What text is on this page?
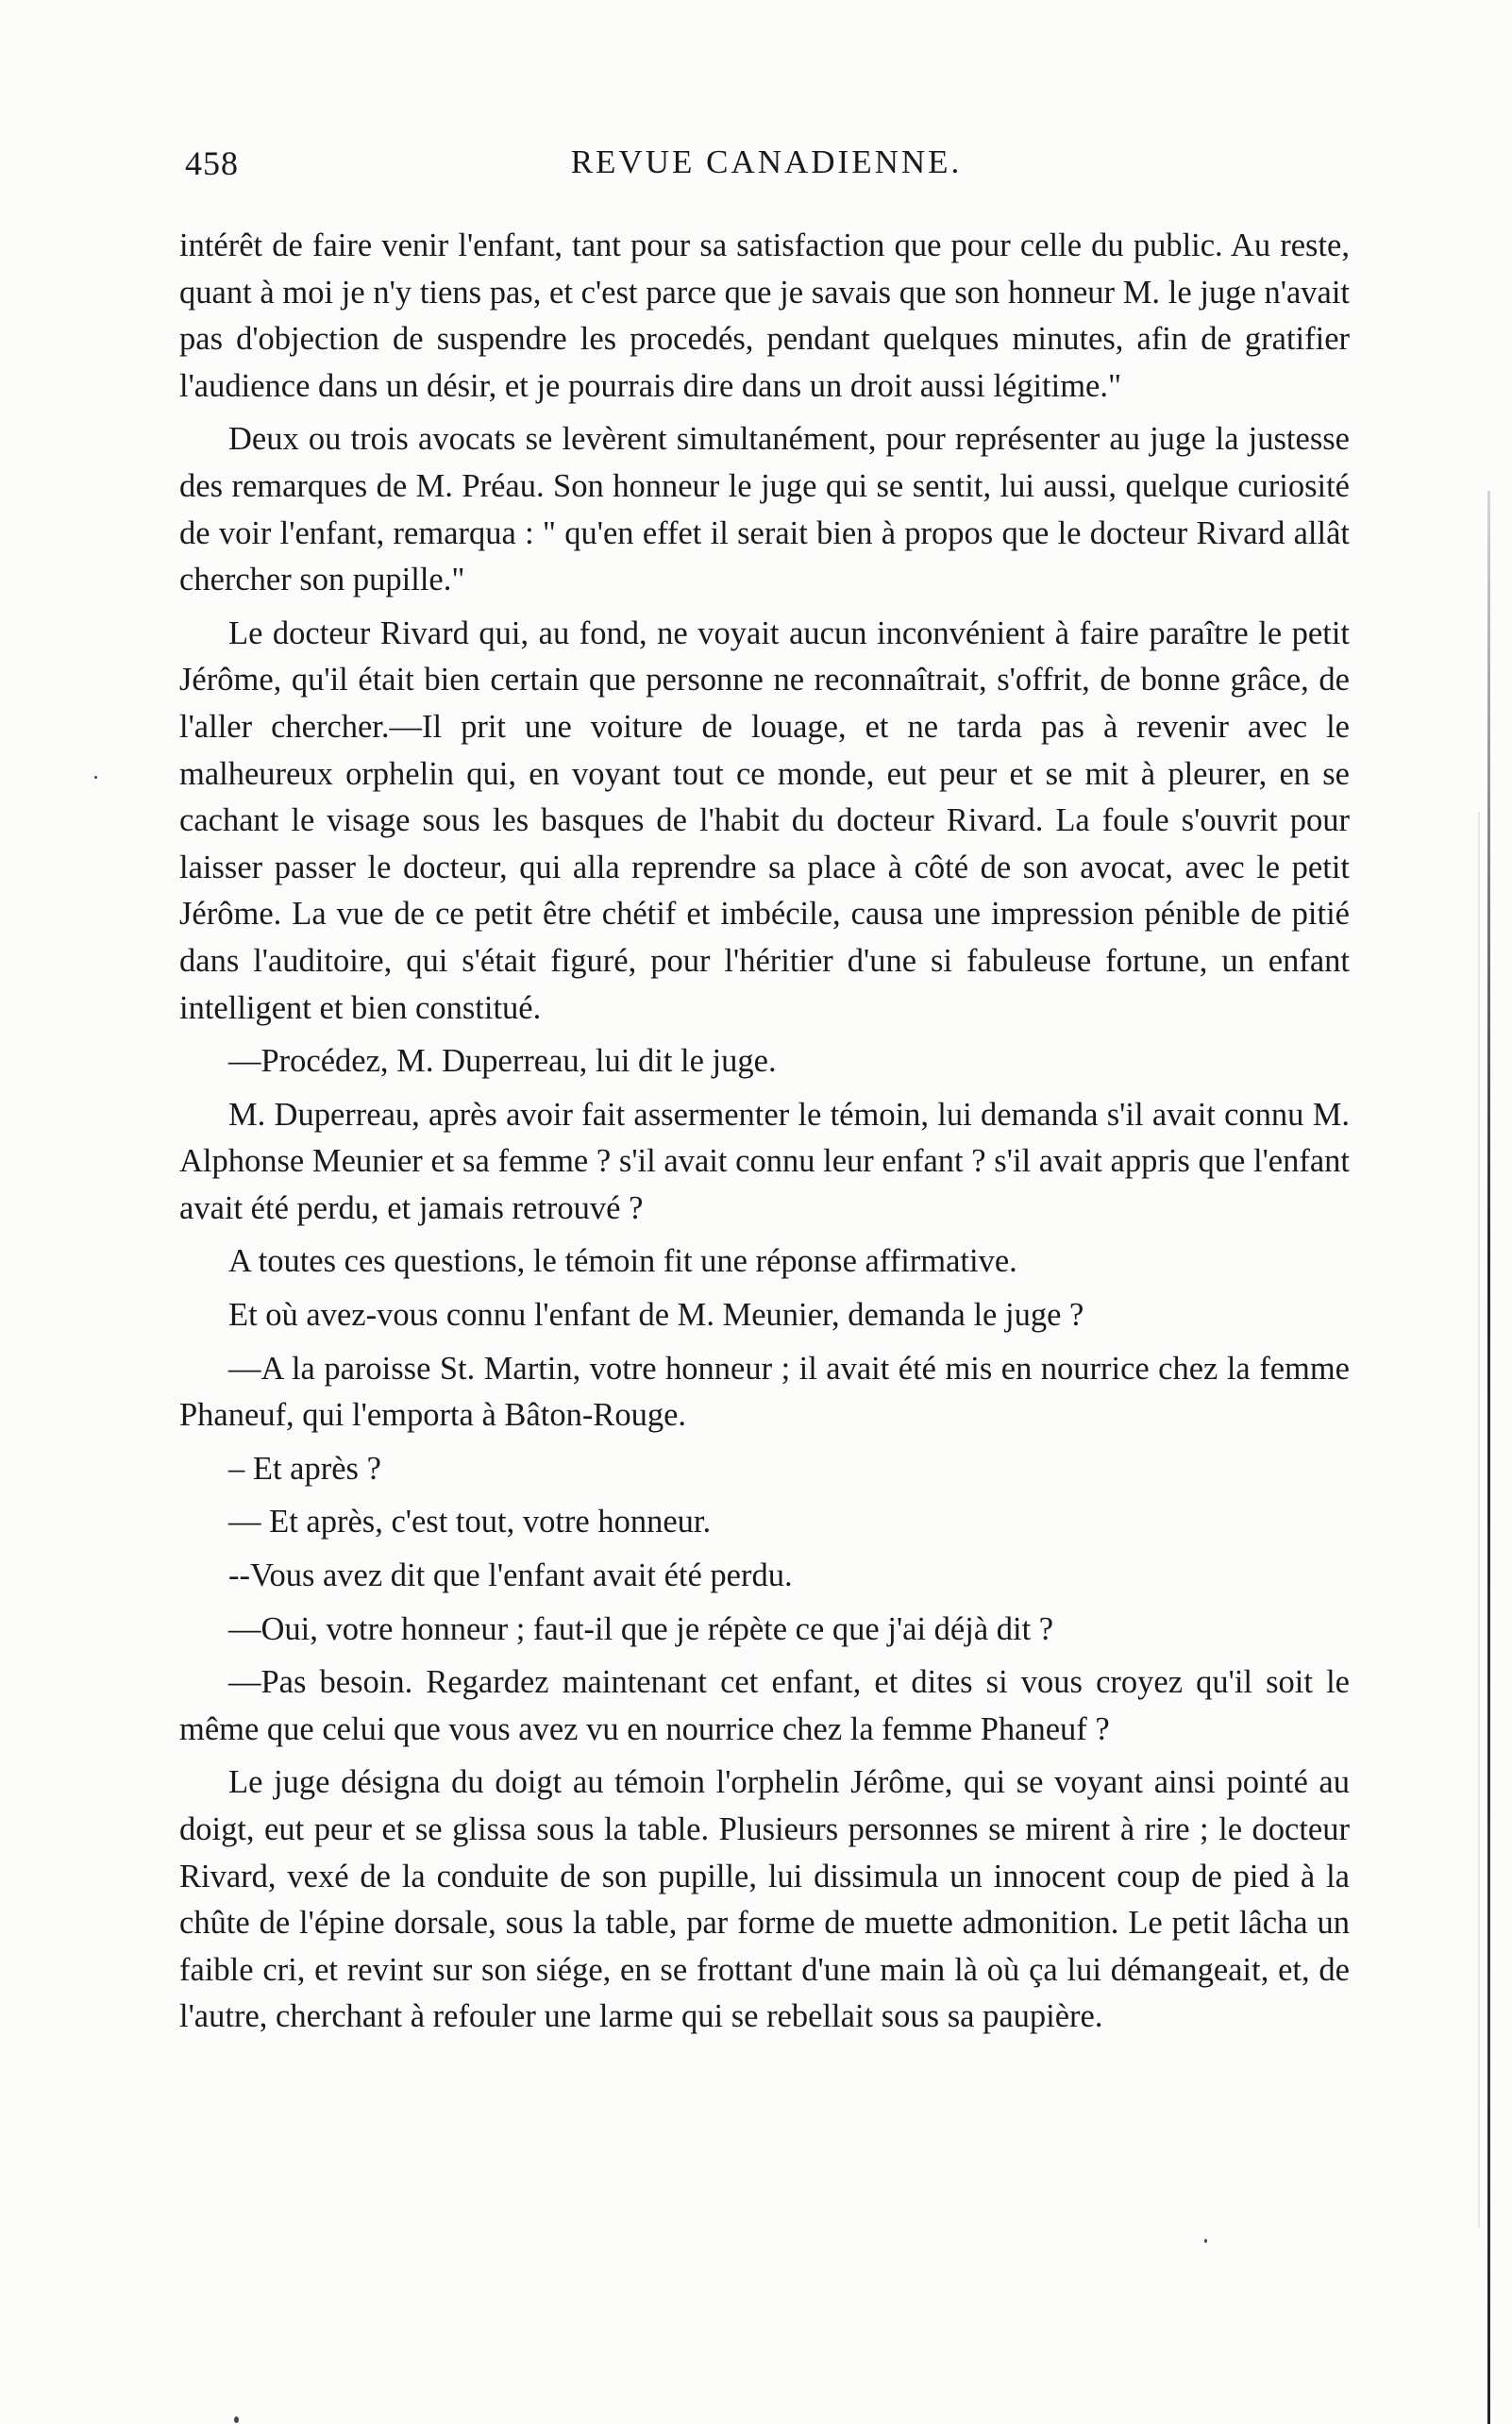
458	REVUE CANADIENNE.

intérêt de faire venir l'enfant, tant pour sa satisfaction que pour celle du public. Au reste, quant à moi je n'y tiens pas, et c'est parce que je savais que son honneur M. le juge n'avait pas d'objection de suspendre les procedés, pendant quelques minutes, afin de gratifier l'audience dans un désir, et je pourrais dire dans un droit aussi légitime."

Deux ou trois avocats se levèrent simultanément, pour représenter au juge la justesse des remarques de M. Préau. Son honneur le juge qui se sentit, lui aussi, quelque curiosité de voir l'enfant, remarqua : " qu'en effet il serait bien à propos que le docteur Rivard allât chercher son pupille."

Le docteur Rivard qui, au fond, ne voyait aucun inconvénient à faire paraître le petit Jérôme, qu'il était bien certain que personne ne reconnaîtrait, s'offrit, de bonne grâce, de l'aller chercher.—Il prit une voiture de louage, et ne tarda pas à revenir avec le malheureux orphelin qui, en voyant tout ce monde, eut peur et se mit à pleurer, en se cachant le visage sous les basques de l'habit du docteur Rivard. La foule s'ouvrit pour laisser passer le docteur, qui alla reprendre sa place à côté de son avocat, avec le petit Jérôme. La vue de ce petit être chétif et imbécile, causa une impression pénible de pitié dans l'auditoire, qui s'était figuré, pour l'héritier d'une si fabuleuse fortune, un enfant intelligent et bien constitué.

—Procédez, M. Duperreau, lui dit le juge.

M. Duperreau, après avoir fait assermenter le témoin, lui demanda s'il avait connu M. Alphonse Meunier et sa femme ? s'il avait connu leur enfant ? s'il avait appris que l'enfant avait été perdu, et jamais retrouvé ?

A toutes ces questions, le témoin fit une réponse affirmative.

Et où avez-vous connu l'enfant de M. Meunier, demanda le juge ?

—A la paroisse St. Martin, votre honneur ; il avait été mis en nourrice chez la femme Phaneuf, qui l'emporta à Bâton-Rouge.

– Et après ?

— Et après, c'est tout, votre honneur.

--Vous avez dit que l'enfant avait été perdu.

—Oui, votre honneur ; faut-il que je répète ce que j'ai déjà dit ?

—Pas besoin. Regardez maintenant cet enfant, et dites si vous croyez qu'il soit le même que celui que vous avez vu en nourrice chez la femme Phaneuf ?

Le juge désigna du doigt au témoin l'orphelin Jérôme, qui se voyant ainsi pointé au doigt, eut peur et se glissa sous la table. Plusieurs personnes se mirent à rire ; le docteur Rivard, vexé de la conduite de son pupille, lui dissimula un innocent coup de pied à la chûte de l'épine dorsale, sous la table, par forme de muette admonition. Le petit lâcha un faible cri, et revint sur son siége, en se frottant d'une main là où ça lui démangeait, et, de l'autre, cherchant à refouler une larme qui se rebellait sous sa paupière.
